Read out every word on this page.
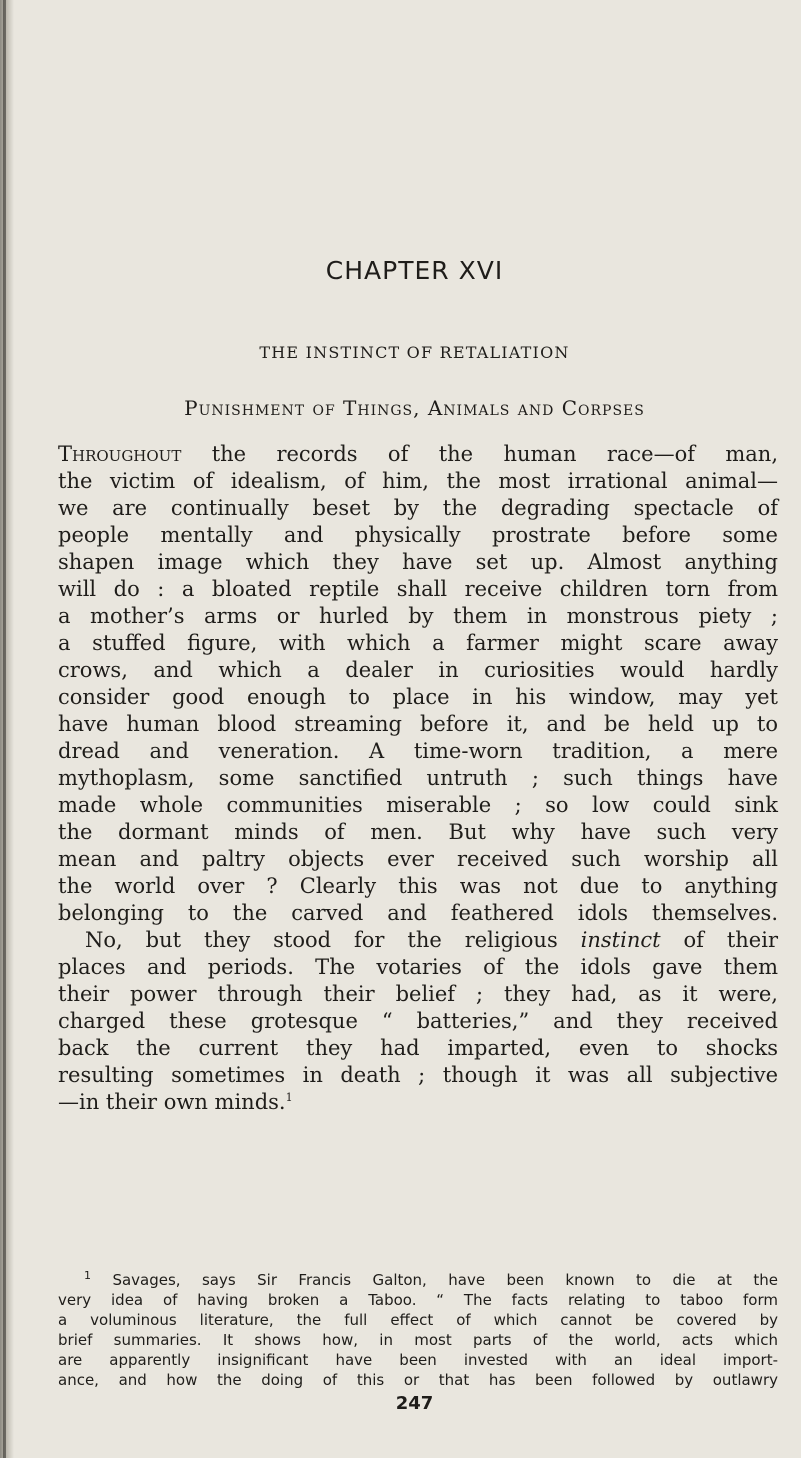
CHAPTER XVI
THE INSTINCT OF RETALIATION
Punishment of Things, Animals and Corpses
Throughout the records of the human race—of man,
the victim of idealism, of him, the most irrational animal—
we are continually beset by the degrading spectacle of
people mentally and physically prostrate before some
shapen image which they have set up. Almost anything
will do : a bloated reptile shall receive children torn from
a mother’s arms or hurled by them in monstrous piety ;
a stuffed figure, with which a farmer might scare away
crows, and which a dealer in curiosities would hardly
consider good enough to place in his window, may yet
have human blood streaming before it, and be held up to
dread and veneration. A time-worn tradition, a mere
mythoplasm, some sanctified untruth ; such things have
made whole communities miserable ; so low could sink
the dormant minds of men. But why have such very
mean and paltry objects ever received such worship all
the world over ? Clearly this was not due to anything
belonging to the carved and feathered idols themselves.
No, but they stood for the religious instinct of their
places and periods. The votaries of the idols gave them
their power through their belief ; they had, as it were,
charged these grotesque “ batteries,” and they received
back the current they had imparted, even to shocks
resulting sometimes in death ; though it was all subjective
—in their own minds.$^1$
$^1$ Savages, says Sir Francis Galton, have been known to die at the
very idea of having broken a Taboo. “ The facts relating to taboo form
a voluminous literature, the full effect of which cannot be covered by
brief summaries. It shows how, in most parts of the world, acts which
are apparently insignificant have been invested with an ideal import-
ance, and how the doing of this or that has been followed by outlawry
247
